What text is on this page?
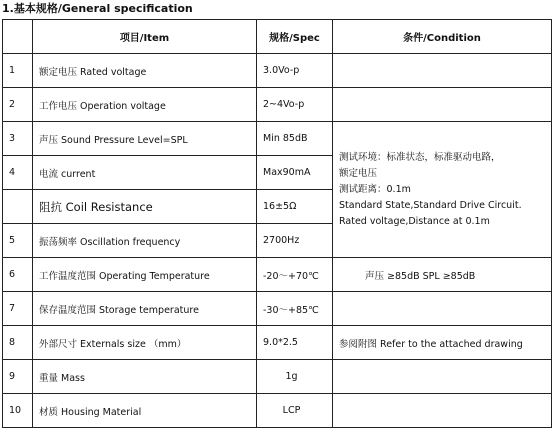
1.基本规格/General specification
	项目/Item	规格/Spec	条件/Condition
1	额定电压 Rated voltage	3.0Vo-p	
2	工作电压 Operation voltage	2~4Vo-p	
3	声压 Sound Pressure Level=SPL	Min 85dB	测试环境：标准状态，标准驱动电路，
额定电压
测试距离：0.1m
Standard State,Standard Drive Circuit.
Rated voltage,Distance at 0.1m

4	电流 current	Max90mA	
	阻抗 Coil Resistance	16±5Ω	
5	振荡频率 Oscillation frequency	2700Hz	
6	工作温度范围 Operating Temperature	-20～+70℃	声压 ≥85dB SPL ≥85dB
7	保存温度范围 Storage temperature	-30～+85℃	
8	外部尺寸 Externals size （mm）	9.0*2.5	参阅附图 Refer to the attached drawing
9	重量 Mass	1g	
10	材质 Housing Material	LCP	
